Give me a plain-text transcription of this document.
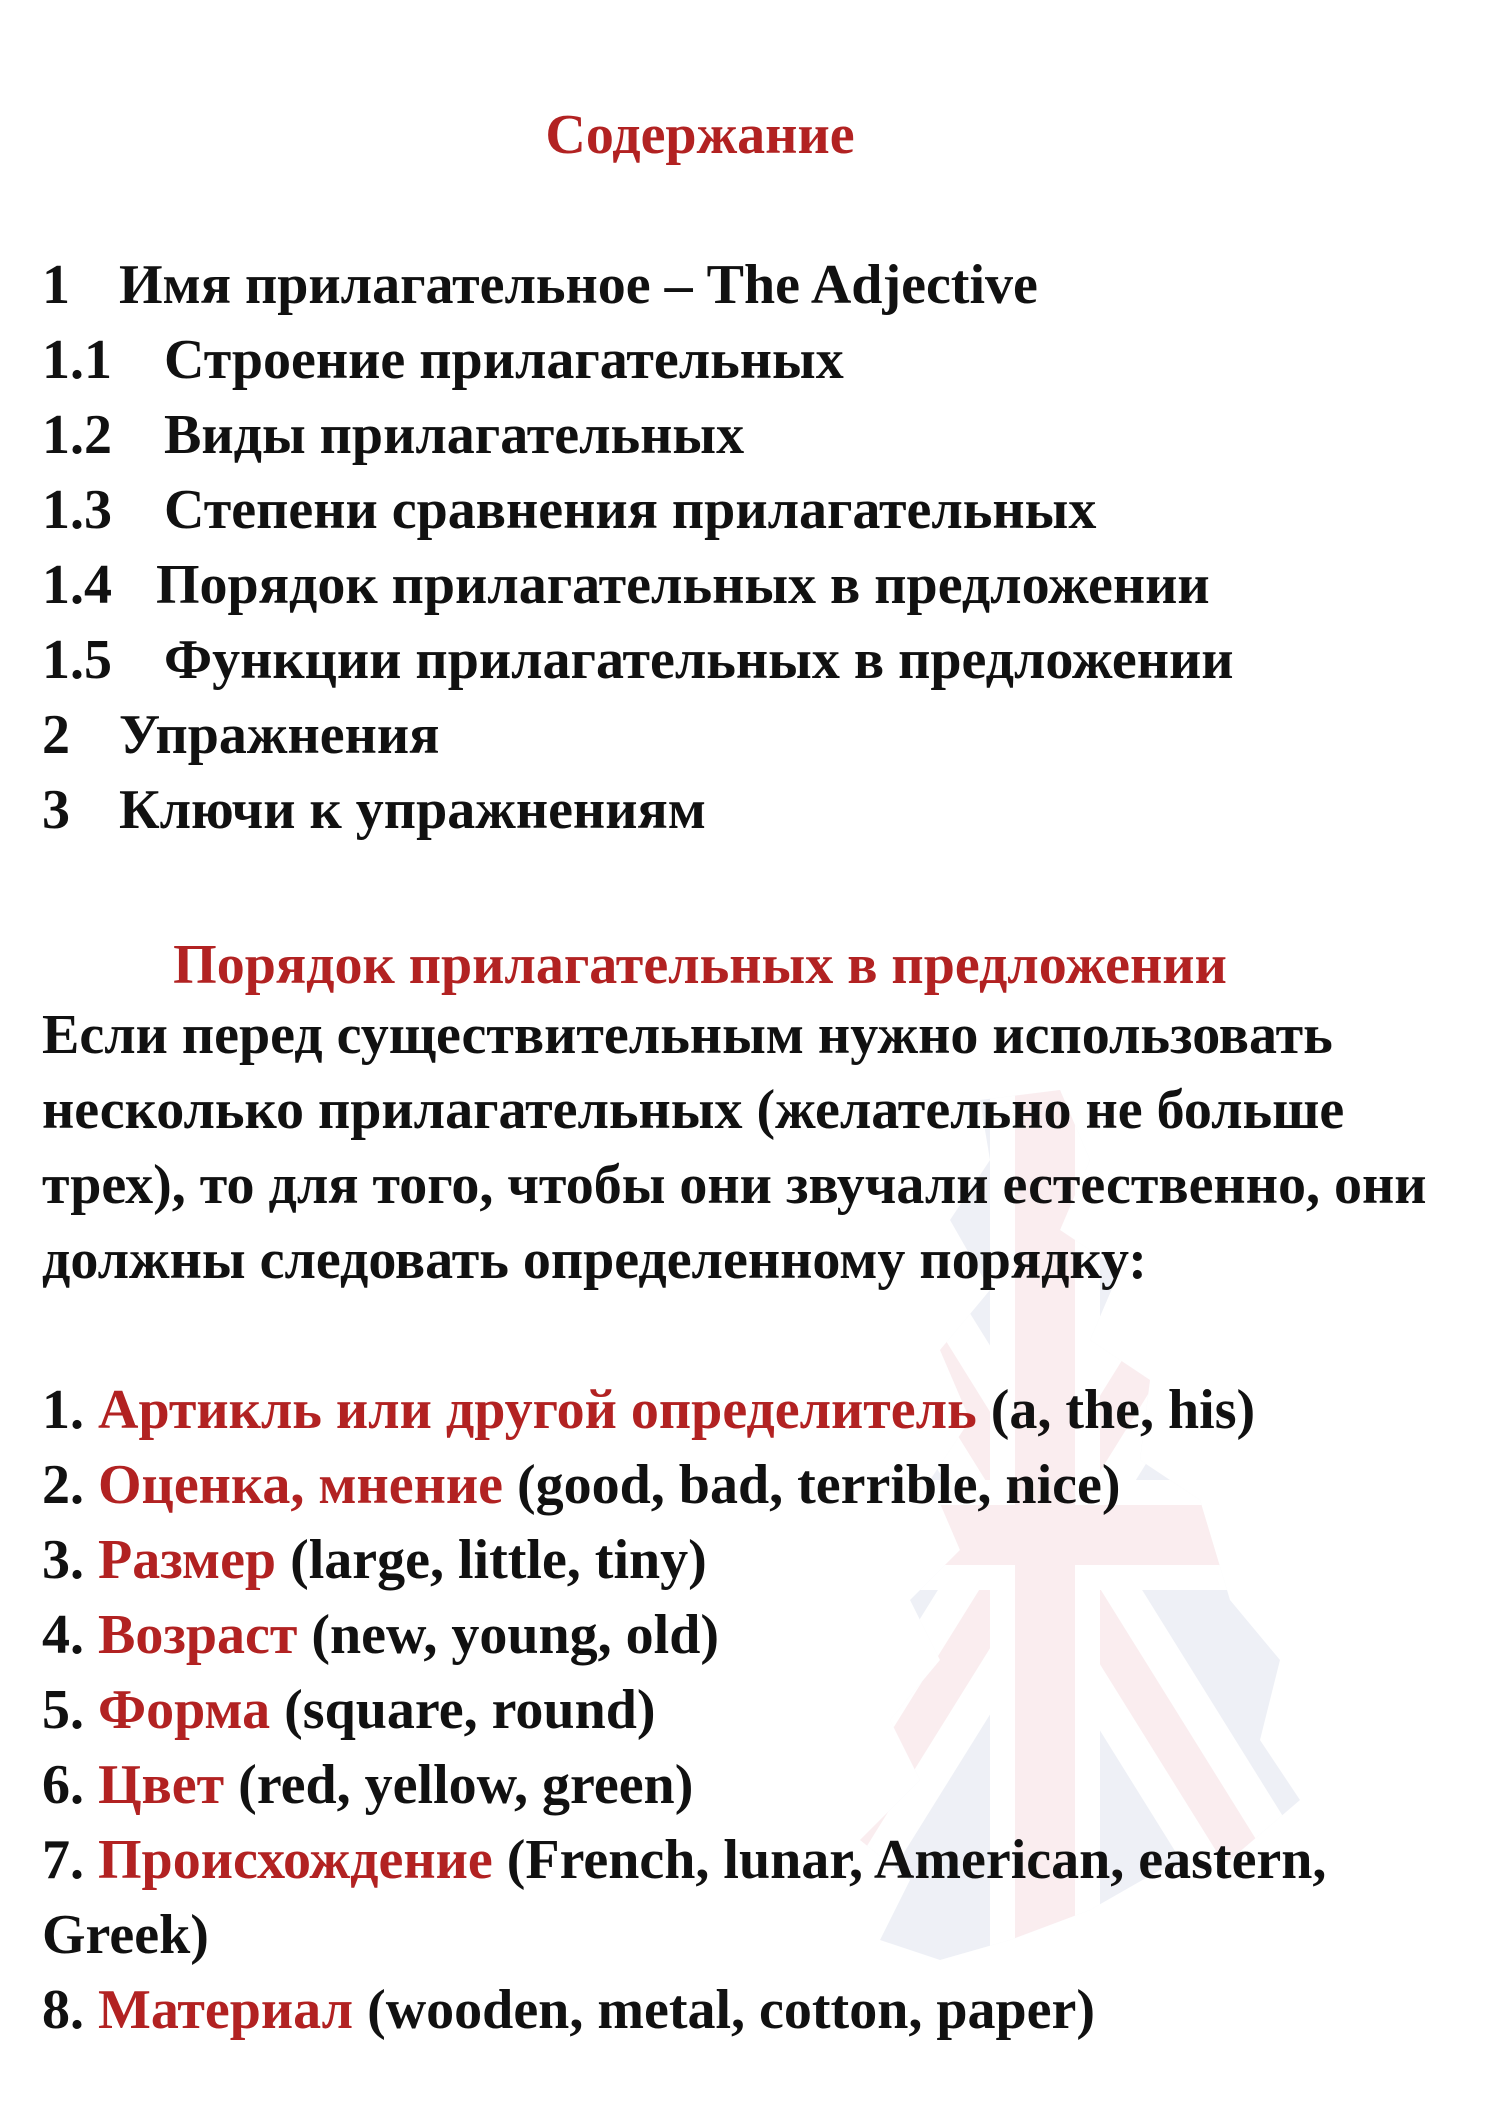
Содержание
1 Имя прилагательное – The Adjective
1.1 Строение прилагательных
1.2 Виды прилагательных
1.3 Степени сравнения прилагательных
1.4 Порядок прилагательных в предложении
1.5 Функции прилагательных в предложении
2 Упражнения
3 Ключи к упражнениям
Порядок прилагательных в предложении

Если перед существительным нужно использовать несколько прилагательных (желательно не больше трех), то для того, чтобы они звучали естественно, они должны следовать определенному порядку:

1. Артикль или другой определитель (a, the, his)
2. Оценка, мнение (good, bad, terrible, nice)
3. Размер (large, little, tiny)
4. Возраст (new, young, old)
5. Форма (square, round)
6. Цвет (red, yellow, green)
7. Происхождение (French, lunar, American, eastern, Greek)
8. Материал (wooden, metal, cotton, paper)
